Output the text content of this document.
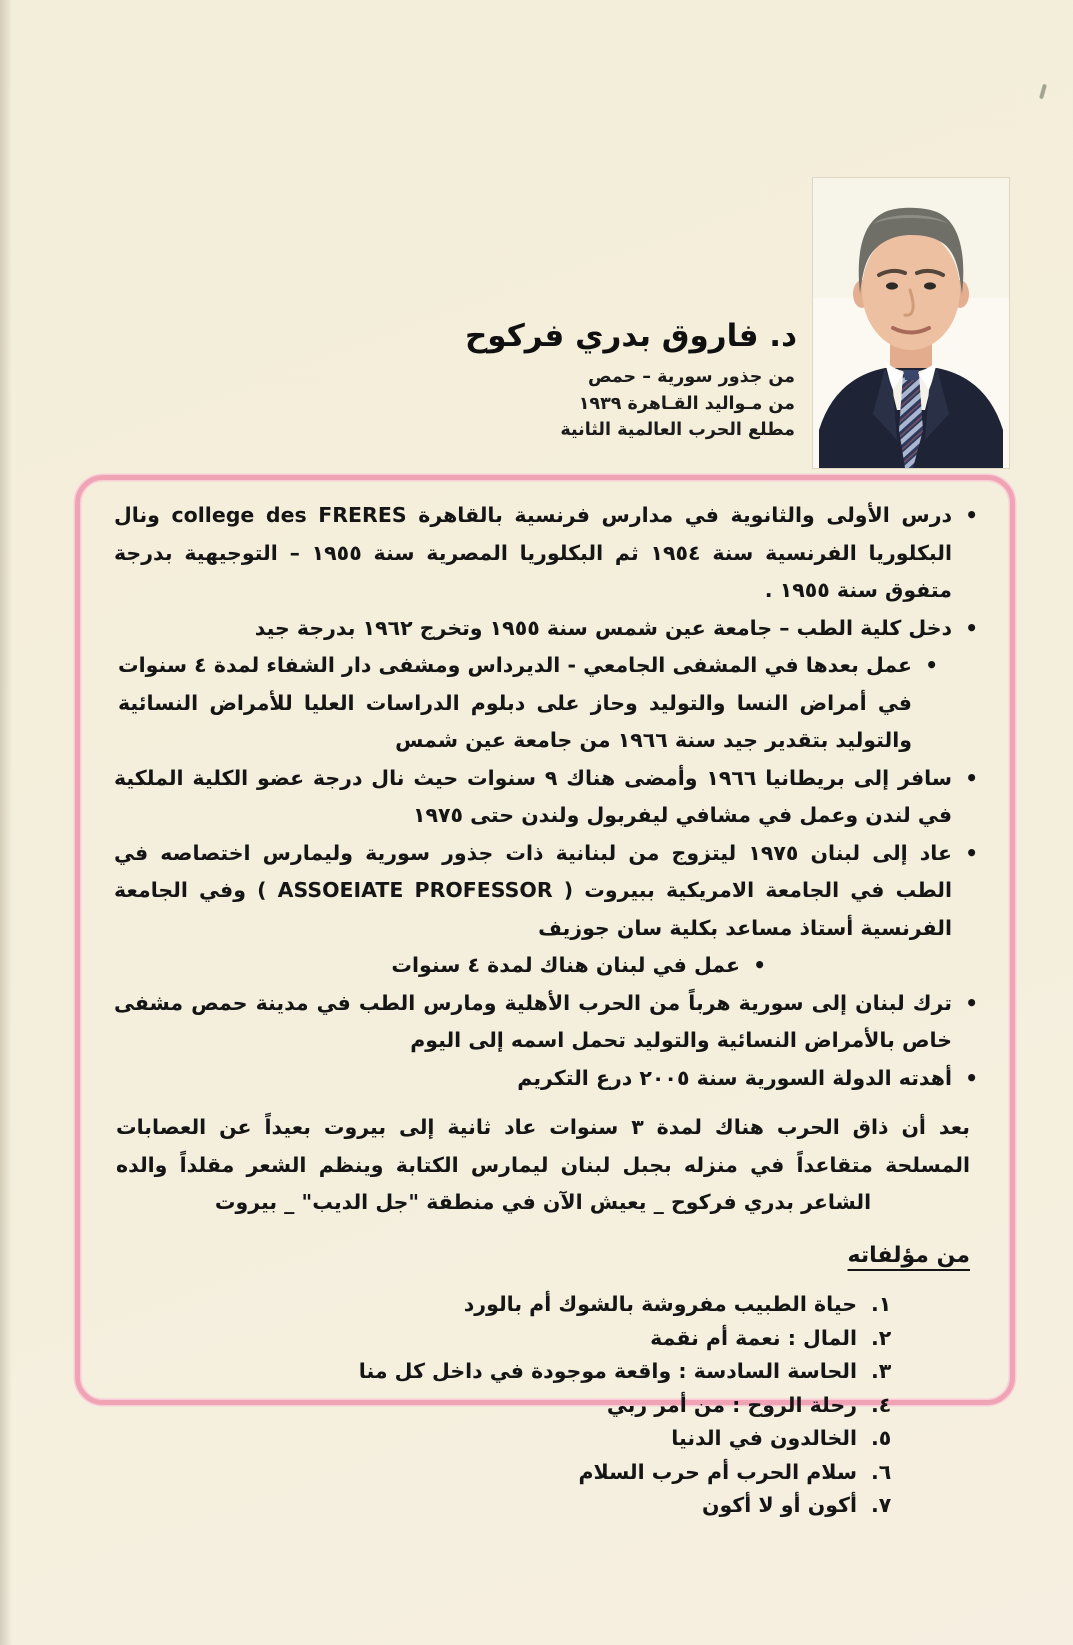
د. فاروق بدري فركوح
من جذور سورية – حمص
من مـواليد القـاهرة ١٩٣٩
مطلع الحرب العالمية الثانية
•
درس الأولى والثانوية في مدارس فرنسية بالقاهرة college des FRERES ونال البكلوريا الفرنسية سنة ١٩٥٤ ثم البكلوريا المصرية سنة ١٩٥٥ – التوجيهية بدرجة متفوق سنة ١٩٥٥ .
•
دخل كلية الطب – جامعة عين شمس سنة ١٩٥٥ وتخرج ١٩٦٢ بدرجة جيد
•
عمل بعدها في المشفى الجامعي - الديرداس ومشفى دار الشفاء لمدة ٤ سنوات في أمراض النسا والتوليد وحاز على دبلوم الدراسات العليا للأمراض النسائية والتوليد بتقدير جيد سنة ١٩٦٦ من جامعة عين شمس
•
سافر إلى بريطانيا ١٩٦٦ وأمضى هناك ٩ سنوات حيث نال درجة عضو الكلية الملكية في لندن وعمل في مشافي ليفربول ولندن حتى ١٩٧٥
•
عاد إلى لبنان ١٩٧٥ ليتزوج من لبنانية ذات جذور سورية وليمارس اختصاصه في الطب في الجامعة الامريكية ببيروت ( ASSOEIATE PROFESSOR ) وفي الجامعة الفرنسية أستاذ مساعد بكلية سان جوزيف
•
عمل في لبنان هناك لمدة ٤ سنوات
•
ترك لبنان إلى سورية هرباً من الحرب الأهلية ومارس الطب في مدينة حمص مشفى خاص بالأمراض النسائية والتوليد تحمل اسمه إلى اليوم
•
أهدته الدولة السورية سنة ٢٠٠٥ درع التكريم
بعد أن ذاق الحرب هناك لمدة ٣ سنوات عاد ثانية إلى بيروت بعيداً عن العصابات المسلحة متقاعداً في منزله بجبل لبنان ليمارس الكتابة وينظم الشعر مقلداً والده الشاعر بدري فركوح _ يعيش الآن في منطقة "جل الديب" _ بيروت
من مؤلفاته
١.
حياة الطبيب مفروشة بالشوك أم بالورد
٢.
المال : نعمة أم نقمة
٣.
الحاسة السادسة : واقعة موجودة في داخل كل منا
٤.
رحلة الروح : من أمر ربي
٥.
الخالدون في الدنيا
٦.
سلام الحرب أم حرب السلام
٧.
أكون أو لا أكون
